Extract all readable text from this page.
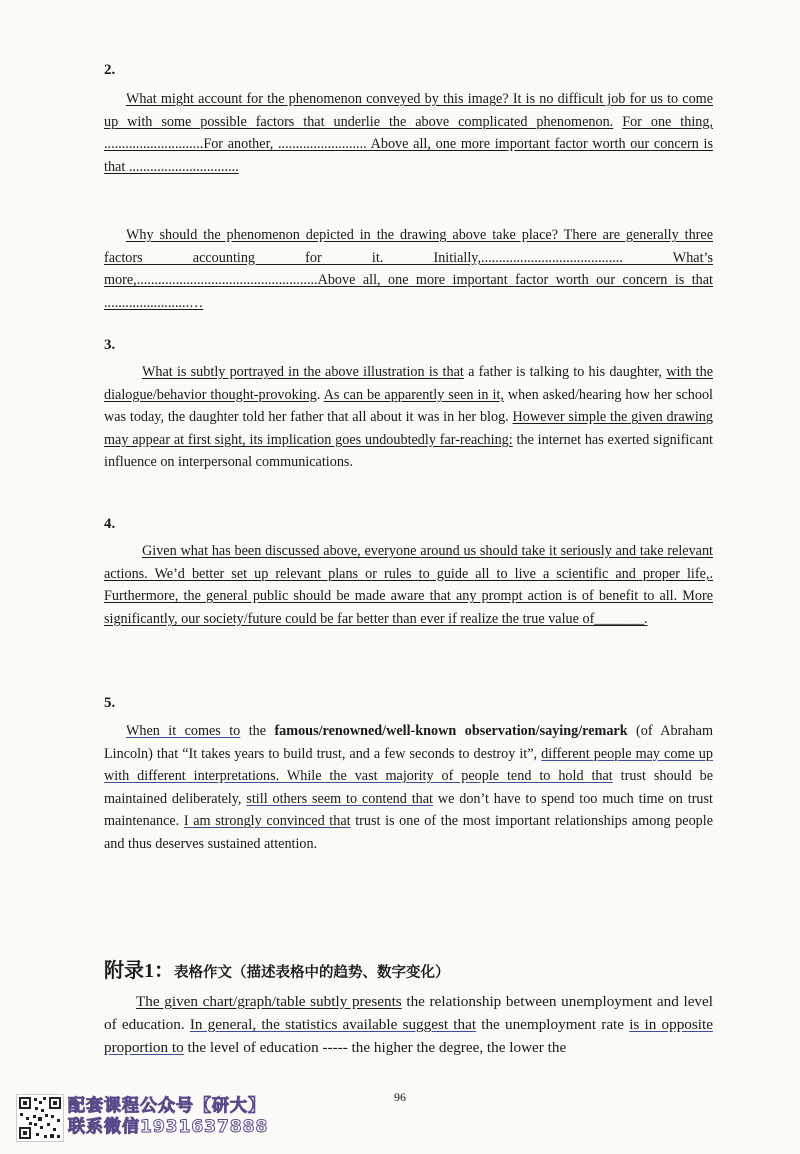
2.

What might account for the phenomenon conveyed by this image? It is no difficult job for us to come up with some possible factors that underlie the above complicated phenomenon. For one thing, ............................For another, ......................... Above all, one more important factor worth our concern is that ...............................

Why should the phenomenon depicted in the drawing above take place? There are generally three factors accounting for it. Initially,........................................ What’s more,...................................................Above all, one more important factor worth our concern is that ........................…

3.

What is subtly portrayed in the above illustration is that a father is talking to his daughter, with the dialogue/behavior thought-provoking. As can be apparently seen in it, when asked/hearing how her school was today, the daughter told her father that all about it was in her blog. However simple the given drawing may appear at first sight, its implication goes undoubtedly far-reaching: the internet has exerted significant influence on interpersonal communications.

4.

Given what has been discussed above, everyone around us should take it seriously and take relevant actions. We’d better set up relevant plans or rules to guide all to live a scientific and proper life,. Furthermore, the general public should be made aware that any prompt action is of benefit to all. More significantly, our society/future could be far better than ever if realize the true value of_______.

5.

When it comes to the famous/renowned/well-known observation/saying/remark (of Abraham Lincoln) that “It takes years to build trust, and a few seconds to destroy it”, different people may come up with different interpretations. While the vast majority of people tend to hold that trust should be maintained deliberately, still others seem to contend that we don’t have to spend too much time on trust maintenance. I am strongly convinced that trust is one of the most important relationships among people and thus deserves sustained attention.

附录1：表格作文（描述表格中的趋势、数字变化）

The given chart/graph/table subtly presents the relationship between unemployment and level of education. In general, the statistics available suggest that the unemployment rate is in opposite proportion to the level of education ----- the higher the degree, the lower the

96
配套课程公众号【研大】
联系微信1931637888
